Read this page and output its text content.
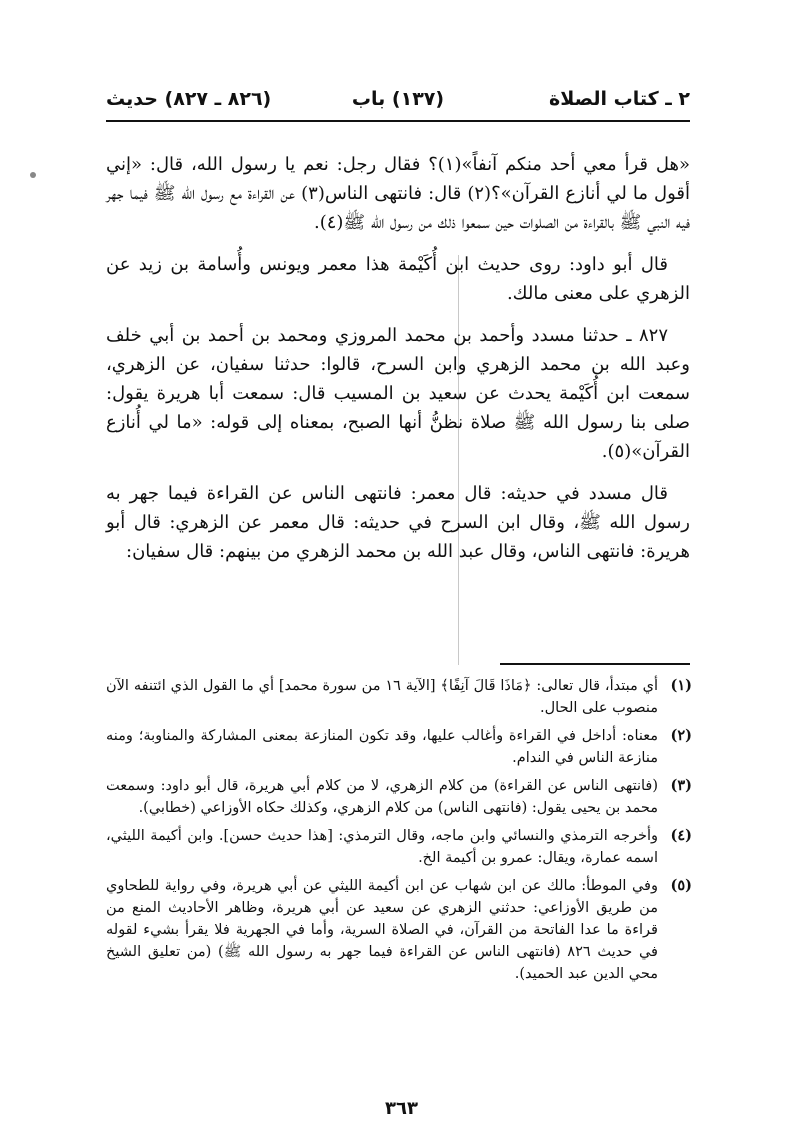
٢ ـ كتاب الصلاة
(١٣٧) باب
(٨٢٦ ـ ٨٢٧) حديث

«هل قرأ معي أحد منكم آنفاً»(١)؟ فقال رجل: نعم يا رسول الله، قال: «إني أقول ما لي أنازع القرآن»؟(٢) قال: فانتهى الناس(٣) عن القراءة مع رسول الله ﷺ فيما جهر فيه النبي ﷺ بالقراءة من الصلوات حين سمعوا ذلك من رسول الله ﷺ(٤).

قال أبو داود: روى حديث ابن أُكَيْمة هذا معمر ويونس وأُسامة بن زيد عن الزهري على معنى مالك.

٨٢٧ ـ حدثنا مسدد وأحمد بن محمد المروزي ومحمد بن أحمد بن أبي خلف وعبد الله بن محمد الزهري وابن السرح، قالوا: حدثنا سفيان، عن الزهري، سمعت ابن أُكَيْمة يحدث عن سعيد بن المسيب قال: سمعت أبا هريرة يقول: صلى بنا رسول الله ﷺ صلاة نظنُّ أنها الصبح، بمعناه إلى قوله: «ما لي أُنازع القرآن»(٥).

قال مسدد في حديثه: قال معمر: فانتهى الناس عن القراءة فيما جهر به رسول الله ﷺ، وقال ابن السرح في حديثه: قال معمر عن الزهري: قال أبو هريرة: فانتهى الناس، وقال عبد الله بن محمد الزهري من بينهم: قال سفيان:

(١)
أي مبتدأ، قال تعالى: ﴿مَاذَا قَالَ آنِفًا﴾ [الآية ١٦ من سورة محمد] أي ما القول الذي ائتنفه الآن منصوب على الحال.
(٢)
معناه: أداخل في القراءة وأغالب عليها، وقد تكون المنازعة بمعنى المشاركة والمناوبة؛ ومنه منازعة الناس في الندام.
(٣)
(فانتهى الناس عن القراءة) من كلام الزهري، لا من كلام أبي هريرة، قال أبو داود: وسمعت محمد بن يحيى يقول: (فانتهى الناس) من كلام الزهري، وكذلك حكاه الأوزاعي (خطابي).
(٤)
وأخرجه الترمذي والنسائي وابن ماجه، وقال الترمذي: [هذا حديث حسن]. وابن أكيمة الليثي، اسمه عمارة، ويقال: عمرو بن أكيمة الخ.
(٥)
وفي الموطأ: مالك عن ابن شهاب عن ابن أكيمة الليثي عن أبي هريرة، وفي رواية للطحاوي من طريق الأوزاعي: حدثني الزهري عن سعيد عن أبي هريرة، وظاهر الأحاديث المنع من قراءة ما عدا الفاتحة من القرآن، في الصلاة السرية، وأما في الجهرية فلا يقرأ بشيء لقوله في حديث ٨٢٦ (فانتهى الناس عن القراءة فيما جهر به رسول الله ﷺ) (من تعليق الشيخ محي الدين عبد الحميد).
٣٦٣
